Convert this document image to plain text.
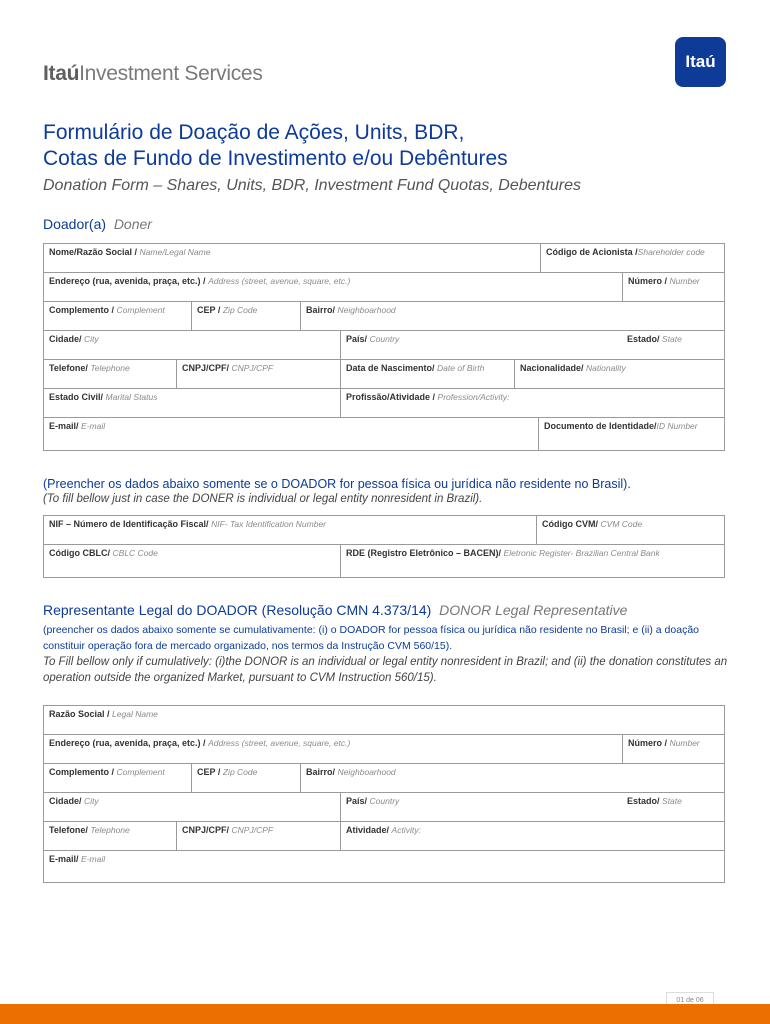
ItaúInvestment Services
Itaú
Formulário de Doação de Ações, Units, BDR,
Cotas de Fundo de Investimento e/ou Debêntures
Donation Form – Shares, Units, BDR, Investment Fund Quotas, Debentures
Doador(a) Doner
Nome/Razão Social / Name/Legal Name	Código de Acionista /Shareholder code
Endereço (rua, avenida, praça, etc.) / Address (street, avenue, square, etc.)	Número / Number
Complemento / Complement	CEP / Zip Code	Bairro/ Neighboarhood
Cidade/ City	País/ Country	Estado/ State
Telefone/ Telephone	CNPJ/CPF/ CNPJ/CPF	Data de Nascimento/ Date of Birth	Nacionalidade/ Nationality
Estado Civil/ Marital Status	Profissão/Atividade / Profession/Activity:
E-mail/ E-mail	Documento de Identidade/ID Number
(Preencher os dados abaixo somente se o DOADOR for pessoa física ou jurídica não residente no Brasil).
(To fill bellow just in case the DONER is individual or legal entity nonresident in Brazil).
NIF – Número de Identificação Fiscal/ NIF- Tax Identification Number	Código CVM/ CVM Code
Código CBLC/ CBLC Code	RDE (Registro Eletrônico – BACEN)/ Eletronic Register- Brazilian Central Bank
Representante Legal do DOADOR (Resolução CMN 4.373/14) DONOR Legal Representative
(preencher os dados abaixo somente se cumulativamente: (i) o DOADOR for pessoa física ou jurídica não residente no Brasil; e (ii) a doação constituir operação fora de mercado organizado, nos termos da Instrução CVM 560/15).
To Fill bellow only if cumulatively: (i)the DONOR is an individual or legal entity nonresident in Brazil; and (ii) the donation constitutes an operation outside the organized Market, pursuant to CVM Instruction 560/15).
Razão Social / Legal Name
Endereço (rua, avenida, praça, etc.) / Address (street, avenue, square, etc.)	Número / Number
Complemento / Complement	CEP / Zip Code	Bairro/ Neighboarhood
Cidade/ City	País/ Country	Estado/ State
Telefone/ Telephone	CNPJ/CPF/ CNPJ/CPF	Atividade/ Activity:
E-mail/ E-mail
01 de 06
